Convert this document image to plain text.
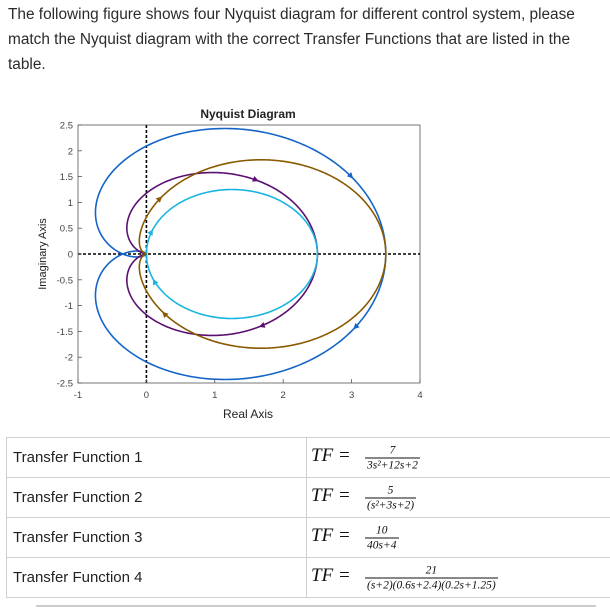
The following figure shows four Nyquist diagram for different control system, please match the Nyquist diagram with the correct Transfer Functions that are listed in the table.
Nyquist Diagram
-1	0	1	2	3	4
2.5
2
1.5
1
0.5
0
-0.5
-1
-1.5
-2
-2.5
Real Axis
Imaginary Axis
Transfer Function 1	TF = $\frac{7}{\text{3s²+12s+2}}$

Transfer Function 2	TF = $\frac{5}{\text{(s²+3s+2)}}$

Transfer Function 3	TF = $\frac{10}{40s+4}$

Transfer Function 4	TF = $\frac{21}{(s+2)(0.6s+2.4)(0.2s+1.25)}$
